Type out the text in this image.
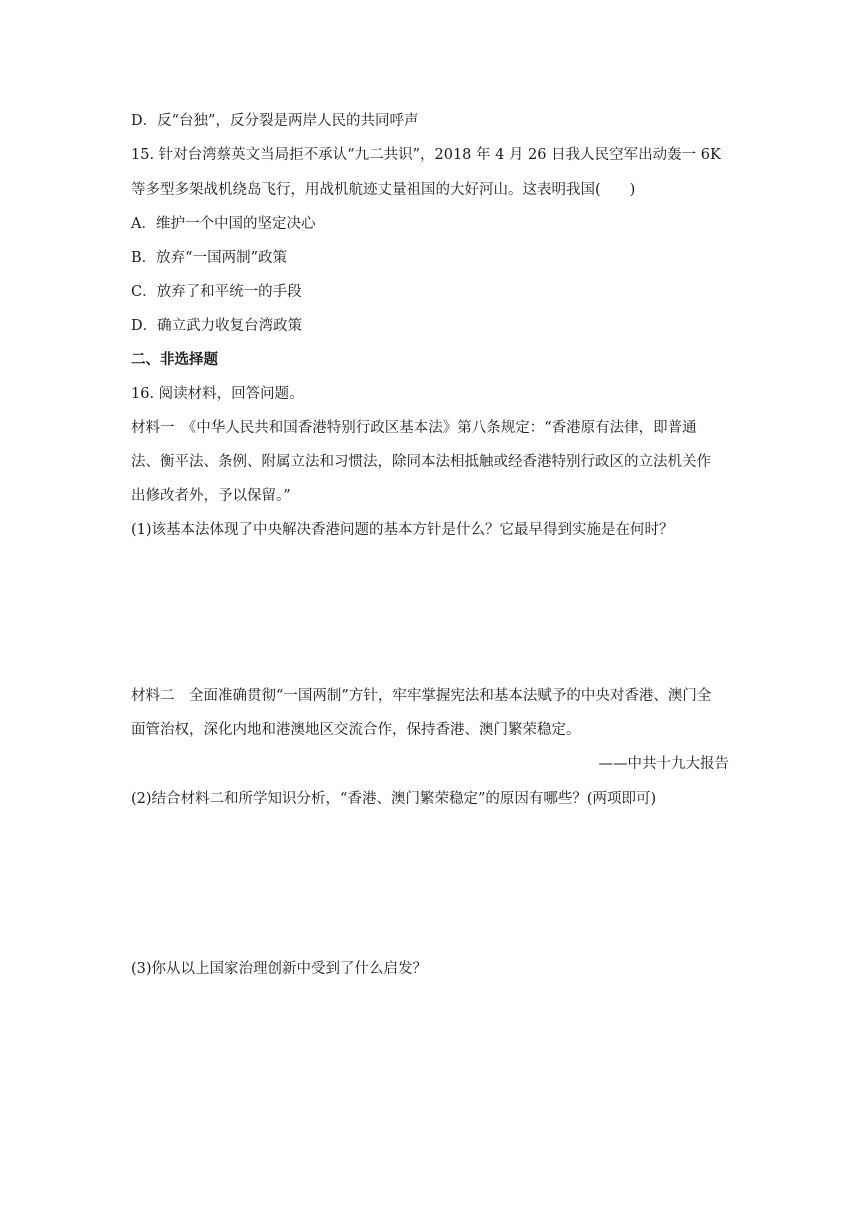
D．反“台独”，反分裂是两岸人民的共同呼声
15. 针对台湾蔡英文当局拒不承认“九二共识”，2018 年 4 月 26 日我人民空军出动轰一 6K
等多型多架战机绕岛飞行，用战机航迹丈量祖国的大好河山。这表明我国(　　)
A．维护一个中国的坚定决心
B．放弃“一国两制”政策
C．放弃了和平统一的手段
D．确立武力收复台湾政策
二、非选择题
16. 阅读材料，回答问题。
材料一　《中华人民共和国香港特别行政区基本法》第八条规定：“香港原有法律，即普通
法、衡平法、条例、附属立法和习惯法，除同本法相抵触或经香港特别行政区的立法机关作
出修改者外，予以保留。”
(1)该基本法体现了中央解决香港问题的基本方针是什么？它最早得到实施是在何时？
材料二　全面准确贯彻“一国两制”方针，牢牢掌握宪法和基本法赋予的中央对香港、澳门全
面管治权，深化内地和港澳地区交流合作，保持香港、澳门繁荣稳定。
——中共十九大报告
(2)结合材料二和所学知识分析，“香港、澳门繁荣稳定”的原因有哪些？(两项即可)
(3)你从以上国家治理创新中受到了什么启发？
